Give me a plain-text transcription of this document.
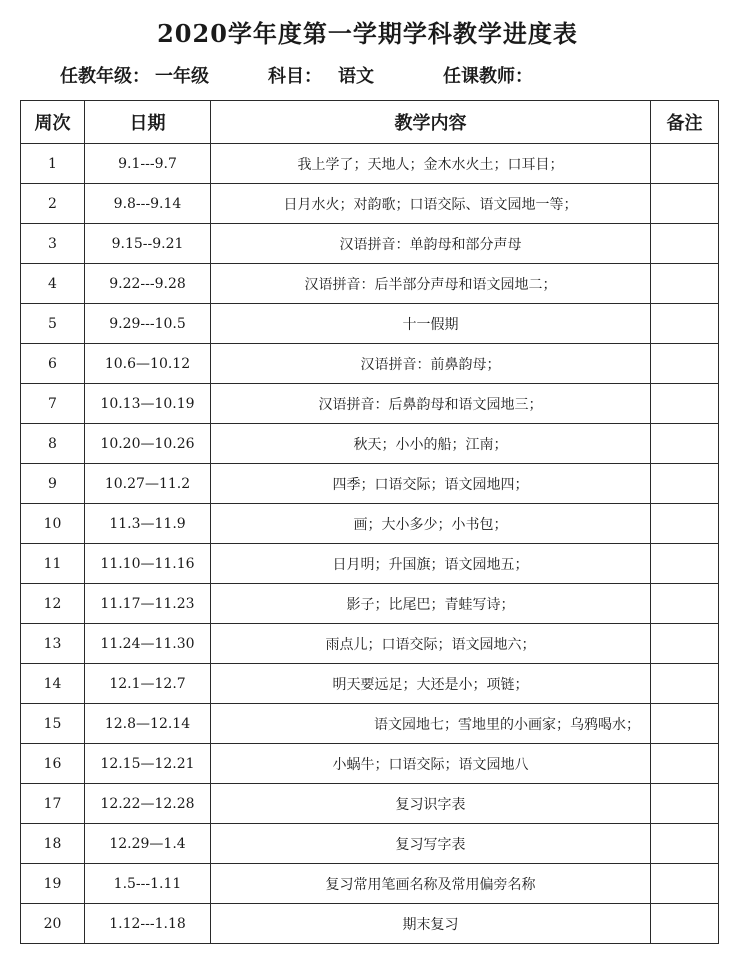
2020学年度第一学期学科教学进度表
任教年级： 一年级	科目： 语文	任课教师：
周次	日期	教学内容	备注
1	9.1---9.7	我上学了；天地人；金木水火土；口耳目；	
2	9.8---9.14	日月水火；对韵歌；口语交际、语文园地一等；	
3	9.15--9.21	汉语拼音：单韵母和部分声母	
4	9.22---9.28	汉语拼音：后半部分声母和语文园地二；	
5	9.29---10.5	十一假期	
6	10.6—10.12	汉语拼音：前鼻韵母；	
7	10.13—10.19	汉语拼音：后鼻韵母和语文园地三；	
8	10.20—10.26	秋天；小小的船；江南；	
9	10.27—11.2	四季；口语交际；语文园地四；	
10	11.3—11.9	画；大小多少；小书包；	
11	11.10—11.16	日月明；升国旗；语文园地五；	
12	11.17—11.23	影子；比尾巴；青蛙写诗；	
13	11.24—11.30	雨点儿；口语交际；语文园地六；	
14	12.1—12.7	明天要远足；大还是小；项链；	
15	12.8—12.14	语文园地七；雪地里的小画家；乌鸦喝水；	
16	12.15—12.21	小蜗牛；口语交际；语文园地八	
17	12.22—12.28	复习识字表	
18	12.29—1.4	复习写字表	
19	1.5---1.11	复习常用笔画名称及常用偏旁名称	
20	1.12---1.18	期末复习	
